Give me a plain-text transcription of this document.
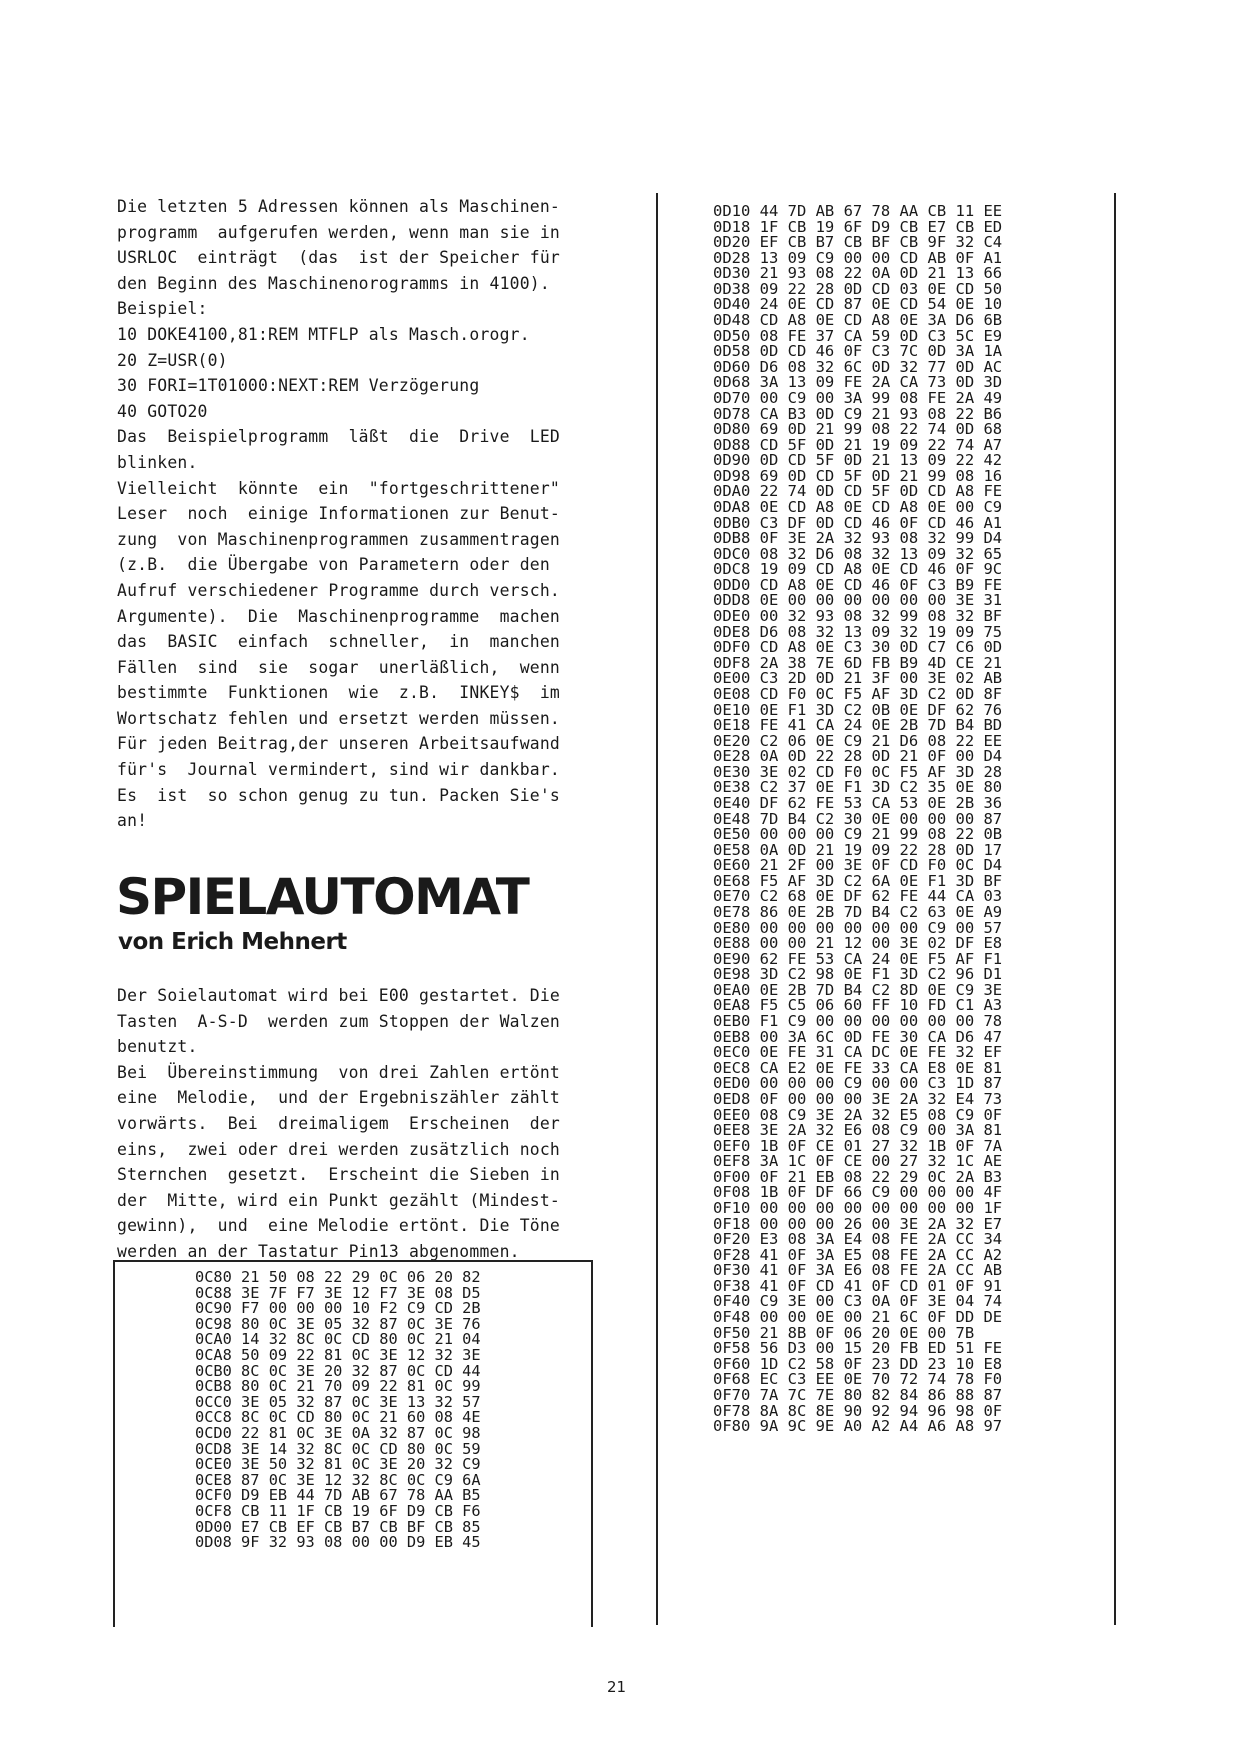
Die letzten 5 Adressen können als Maschinen-
programm  aufgerufen werden, wenn man sie in
USRLOC  einträgt  (das  ist der Speicher für
den Beginn des Maschinenorogramms in 4100).
Beispiel:
10 DOKE4100,81:REM MTFLP als Masch.orogr.
20 Z=USR(0)
30 FORI=1T01000:NEXT:REM Verzögerung
40 GOTO20
Das  Beispielprogramm  läßt  die  Drive  LED
blinken.
Vielleicht  könnte  ein  "fortgeschrittener"
Leser  noch  einige Informationen zur Benut-
zung  von Maschinenprogrammen zusammentragen
(z.B.  die Übergabe von Parametern oder den
Aufruf verschiedener Programme durch versch.
Argumente).  Die  Maschinenprogramme  machen
das  BASIC  einfach  schneller,  in  manchen
Fällen  sind  sie  sogar  unerläßlich,  wenn
bestimmte  Funktionen  wie  z.B.  INKEY$  im
Wortschatz fehlen und ersetzt werden müssen.
Für jeden Beitrag,der unseren Arbeitsaufwand
für's  Journal vermindert, sind wir dankbar.
Es  ist  so schon genug zu tun. Packen Sie's
an!
SPIELAUTOMAT
von Erich Mehnert
Der Soielautomat wird bei E00 gestartet. Die
Tasten  A-S-D  werden zum Stoppen der Walzen
benutzt.
Bei  Übereinstimmung  von drei Zahlen ertönt
eine  Melodie,  und der Ergebniszähler zählt
vorwärts.  Bei  dreimaligem  Erscheinen  der
eins,  zwei oder drei werden zusätzlich noch
Sternchen  gesetzt.  Erscheint die Sieben in
der  Mitte, wird ein Punkt gezählt (Mindest-
gewinn),  und  eine Melodie ertönt. Die Töne
werden an der Tastatur Pin13 abgenommen.
0C80 21 50 08 22 29 0C 06 20 82
0C88 3E 7F F7 3E 12 F7 3E 08 D5
0C90 F7 00 00 00 10 F2 C9 CD 2B
0C98 80 0C 3E 05 32 87 0C 3E 76
0CA0 14 32 8C 0C CD 80 0C 21 04
0CA8 50 09 22 81 0C 3E 12 32 3E
0CB0 8C 0C 3E 20 32 87 0C CD 44
0CB8 80 0C 21 70 09 22 81 0C 99
0CC0 3E 05 32 87 0C 3E 13 32 57
0CC8 8C 0C CD 80 0C 21 60 08 4E
0CD0 22 81 0C 3E 0A 32 87 0C 98
0CD8 3E 14 32 8C 0C CD 80 0C 59
0CE0 3E 50 32 81 0C 3E 20 32 C9
0CE8 87 0C 3E 12 32 8C 0C C9 6A
0CF0 D9 EB 44 7D AB 67 78 AA B5
0CF8 CB 11 1F CB 19 6F D9 CB F6
0D00 E7 CB EF CB B7 CB BF CB 85
0D08 9F 32 93 08 00 00 D9 EB 45
0D10 44 7D AB 67 78 AA CB 11 EE
0D18 1F CB 19 6F D9 CB E7 CB ED
0D20 EF CB B7 CB BF CB 9F 32 C4
0D28 13 09 C9 00 00 CD AB 0F A1
0D30 21 93 08 22 0A 0D 21 13 66
0D38 09 22 28 0D CD 03 0E CD 50
0D40 24 0E CD 87 0E CD 54 0E 10
0D48 CD A8 0E CD A8 0E 3A D6 6B
0D50 08 FE 37 CA 59 0D C3 5C E9
0D58 0D CD 46 0F C3 7C 0D 3A 1A
0D60 D6 08 32 6C 0D 32 77 0D AC
0D68 3A 13 09 FE 2A CA 73 0D 3D
0D70 00 C9 00 3A 99 08 FE 2A 49
0D78 CA B3 0D C9 21 93 08 22 B6
0D80 69 0D 21 99 08 22 74 0D 68
0D88 CD 5F 0D 21 19 09 22 74 A7
0D90 0D CD 5F 0D 21 13 09 22 42
0D98 69 0D CD 5F 0D 21 99 08 16
0DA0 22 74 0D CD 5F 0D CD A8 FE
0DA8 0E CD A8 0E CD A8 0E 00 C9
0DB0 C3 DF 0D CD 46 0F CD 46 A1
0DB8 0F 3E 2A 32 93 08 32 99 D4
0DC0 08 32 D6 08 32 13 09 32 65
0DC8 19 09 CD A8 0E CD 46 0F 9C
0DD0 CD A8 0E CD 46 0F C3 B9 FE
0DD8 0E 00 00 00 00 00 00 3E 31
0DE0 00 32 93 08 32 99 08 32 BF
0DE8 D6 08 32 13 09 32 19 09 75
0DF0 CD A8 0E C3 30 0D C7 C6 0D
0DF8 2A 38 7E 6D FB B9 4D CE 21
0E00 C3 2D 0D 21 3F 00 3E 02 AB
0E08 CD F0 0C F5 AF 3D C2 0D 8F
0E10 0E F1 3D C2 0B 0E DF 62 76
0E18 FE 41 CA 24 0E 2B 7D B4 BD
0E20 C2 06 0E C9 21 D6 08 22 EE
0E28 0A 0D 22 28 0D 21 0F 00 D4
0E30 3E 02 CD F0 0C F5 AF 3D 28
0E38 C2 37 0E F1 3D C2 35 0E 80
0E40 DF 62 FE 53 CA 53 0E 2B 36
0E48 7D B4 C2 30 0E 00 00 00 87
0E50 00 00 00 C9 21 99 08 22 0B
0E58 0A 0D 21 19 09 22 28 0D 17
0E60 21 2F 00 3E 0F CD F0 0C D4
0E68 F5 AF 3D C2 6A 0E F1 3D BF
0E70 C2 68 0E DF 62 FE 44 CA 03
0E78 86 0E 2B 7D B4 C2 63 0E A9
0E80 00 00 00 00 00 00 C9 00 57
0E88 00 00 21 12 00 3E 02 DF E8
0E90 62 FE 53 CA 24 0E F5 AF F1
0E98 3D C2 98 0E F1 3D C2 96 D1
0EA0 0E 2B 7D B4 C2 8D 0E C9 3E
0EA8 F5 C5 06 60 FF 10 FD C1 A3
0EB0 F1 C9 00 00 00 00 00 00 78
0EB8 00 3A 6C 0D FE 30 CA D6 47
0EC0 0E FE 31 CA DC 0E FE 32 EF
0EC8 CA E2 0E FE 33 CA E8 0E 81
0ED0 00 00 00 C9 00 00 C3 1D 87
0ED8 0F 00 00 00 3E 2A 32 E4 73
0EE0 08 C9 3E 2A 32 E5 08 C9 0F
0EE8 3E 2A 32 E6 08 C9 00 3A 81
0EF0 1B 0F CE 01 27 32 1B 0F 7A
0EF8 3A 1C 0F CE 00 27 32 1C AE
0F00 0F 21 EB 08 22 29 0C 2A B3
0F08 1B 0F DF 66 C9 00 00 00 4F
0F10 00 00 00 00 00 00 00 00 1F
0F18 00 00 00 26 00 3E 2A 32 E7
0F20 E3 08 3A E4 08 FE 2A CC 34
0F28 41 0F 3A E5 08 FE 2A CC A2
0F30 41 0F 3A E6 08 FE 2A CC AB
0F38 41 0F CD 41 0F CD 01 0F 91
0F40 C9 3E 00 C3 0A 0F 3E 04 74
0F48 00 00 0E 00 21 6C 0F DD DE
0F50 21 8B 0F 06 20 0E 00 7B
0F58 56 D3 00 15 20 FB ED 51 FE
0F60 1D C2 58 0F 23 DD 23 10 E8
0F68 EC C3 EE 0E 70 72 74 78 F0
0F70 7A 7C 7E 80 82 84 86 88 87
0F78 8A 8C 8E 90 92 94 96 98 0F
0F80 9A 9C 9E A0 A2 A4 A6 A8 97
21
